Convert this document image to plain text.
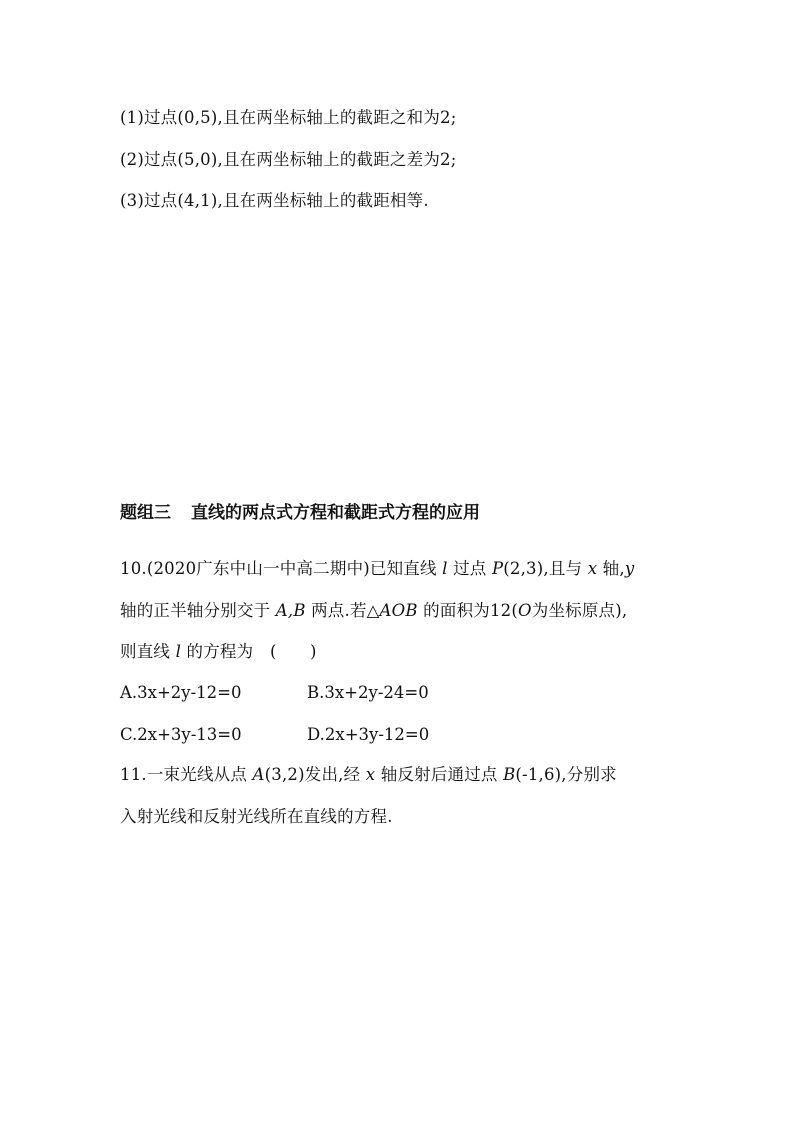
(1)过点(0,5),且在两坐标轴上的截距之和为2;
(2)过点(5,0),且在两坐标轴上的截距之差为2;
(3)过点(4,1),且在两坐标轴上的截距相等.
题组三 直线的两点式方程和截距式方程的应用
10.(2020广东中山一中高二期中)已知直线 l 过点 P(2,3),且与 x 轴,y
轴的正半轴分别交于 A,B 两点.若△AOB 的面积为12(O为坐标原点),
则直线 l 的方程为　(　　)
A.3x+2y-12=0	B.3x+2y-24=0
C.2x+3y-13=0	D.2x+3y-12=0
11.一束光线从点 A(3,2)发出,经 x 轴反射后通过点 B(-1,6),分别求
入射光线和反射光线所在直线的方程.
